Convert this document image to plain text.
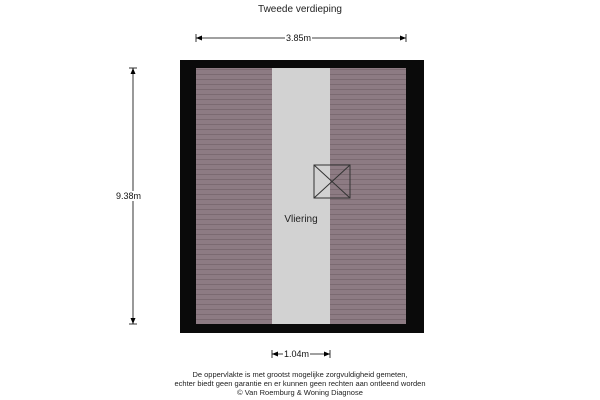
Tweede verdieping
3.85m
9.38m
1.04m
Vliering
De oppervlakte is met grootst mogelijke zorgvuldigheid gemeten,
echter biedt geen garantie en er kunnen geen rechten aan ontleend worden
© Van Roemburg & Woning Diagnose
